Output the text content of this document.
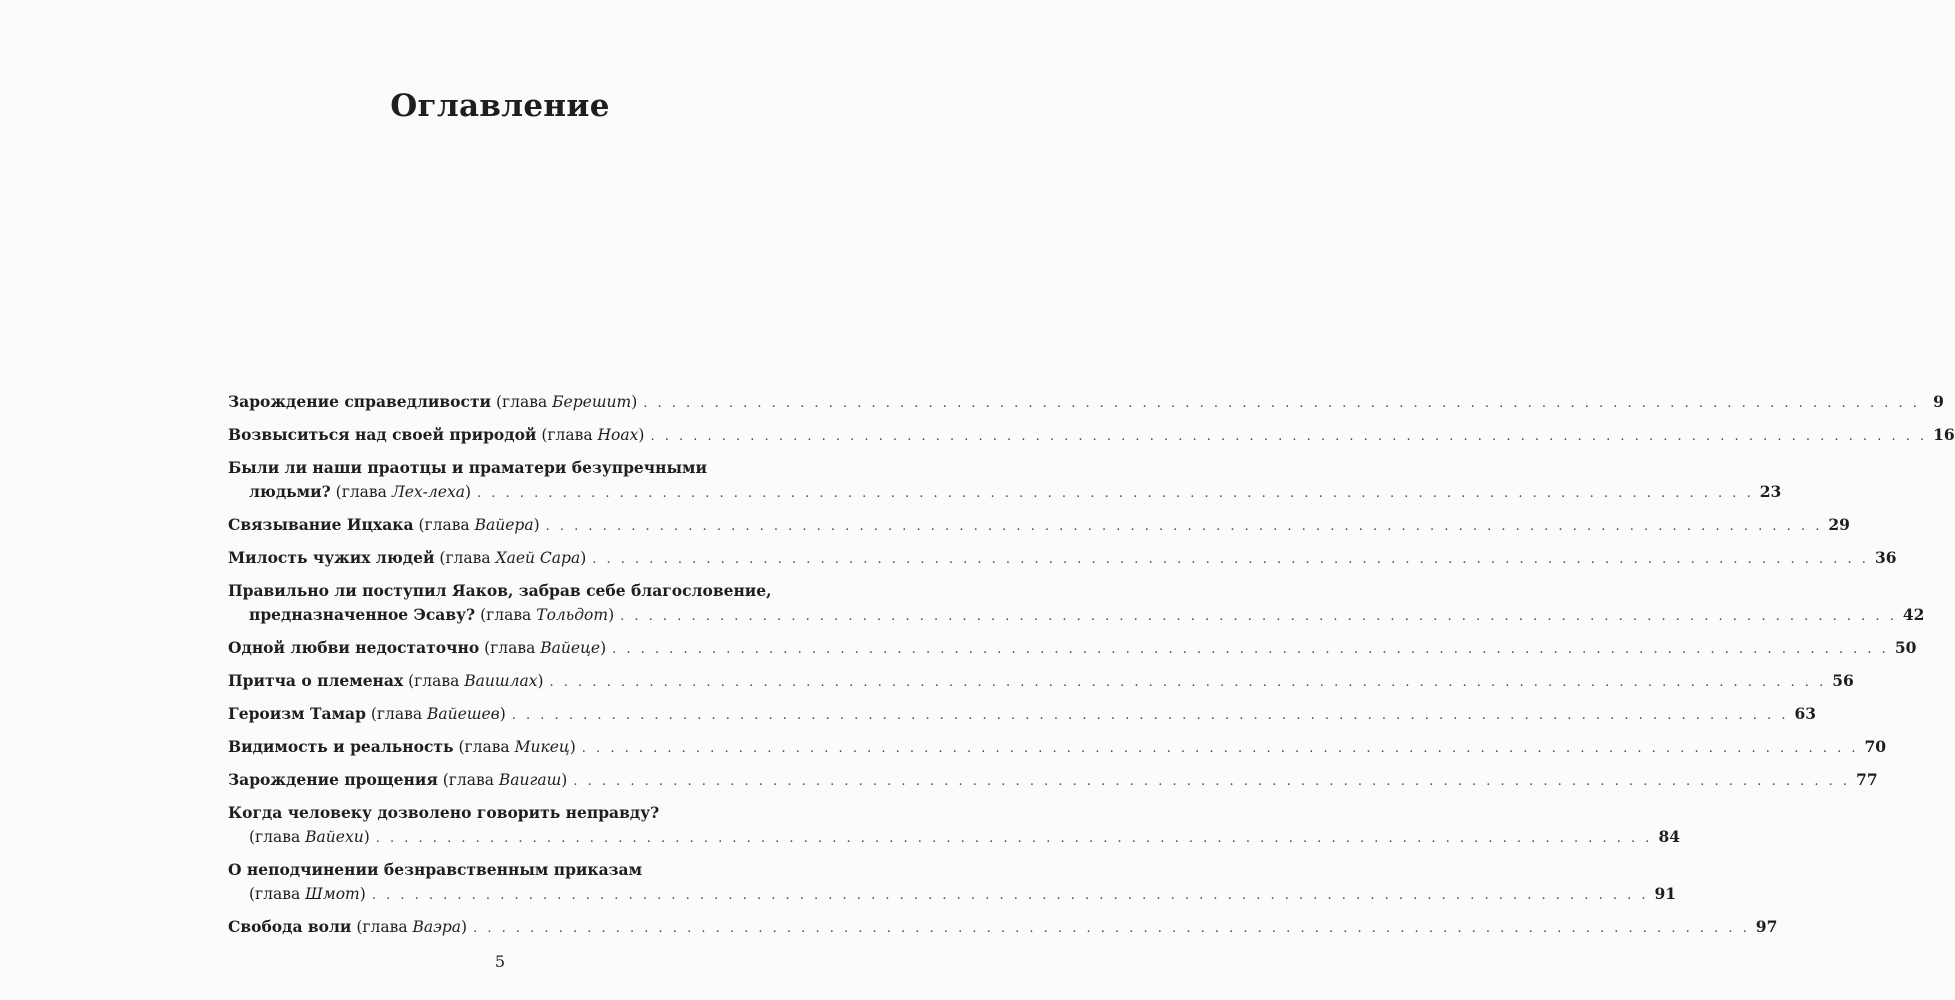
Оглавление
Зарождение справедливости (глава Берешит) . . .	9
Возвыситься над своей природой (глава Ноах) . . .	16
Были ли наши праотцы и праматери безупречными
людьми? (глава Лех-леха) . . .	23
Связывание Ицхака (глава Вайера) . . .	29
Милость чужих людей (глава Хаей Сара) . . .	36
Правильно ли поступил Яаков, забрав себе благословение,
предназначенное Эсаву? (глава Тольдот) . . .	42
Одной любви недостаточно (глава Вайеце) . . .	50
Притча о племенах (глава Ваишлах) . . .	56
Героизм Тамар (глава Вайешев) . . .	63
Видимость и реальность (глава Микец) . . .	70
Зарождение прощения (глава Ваигаш) . . .	77
Когда человеку дозволено говорить неправду?
(глава Вайехи) . . .	84
О неподчинении безнравственным приказам
(глава Шмот) . . .	91
Свобода воли (глава Ваэра) . . .	97
5
